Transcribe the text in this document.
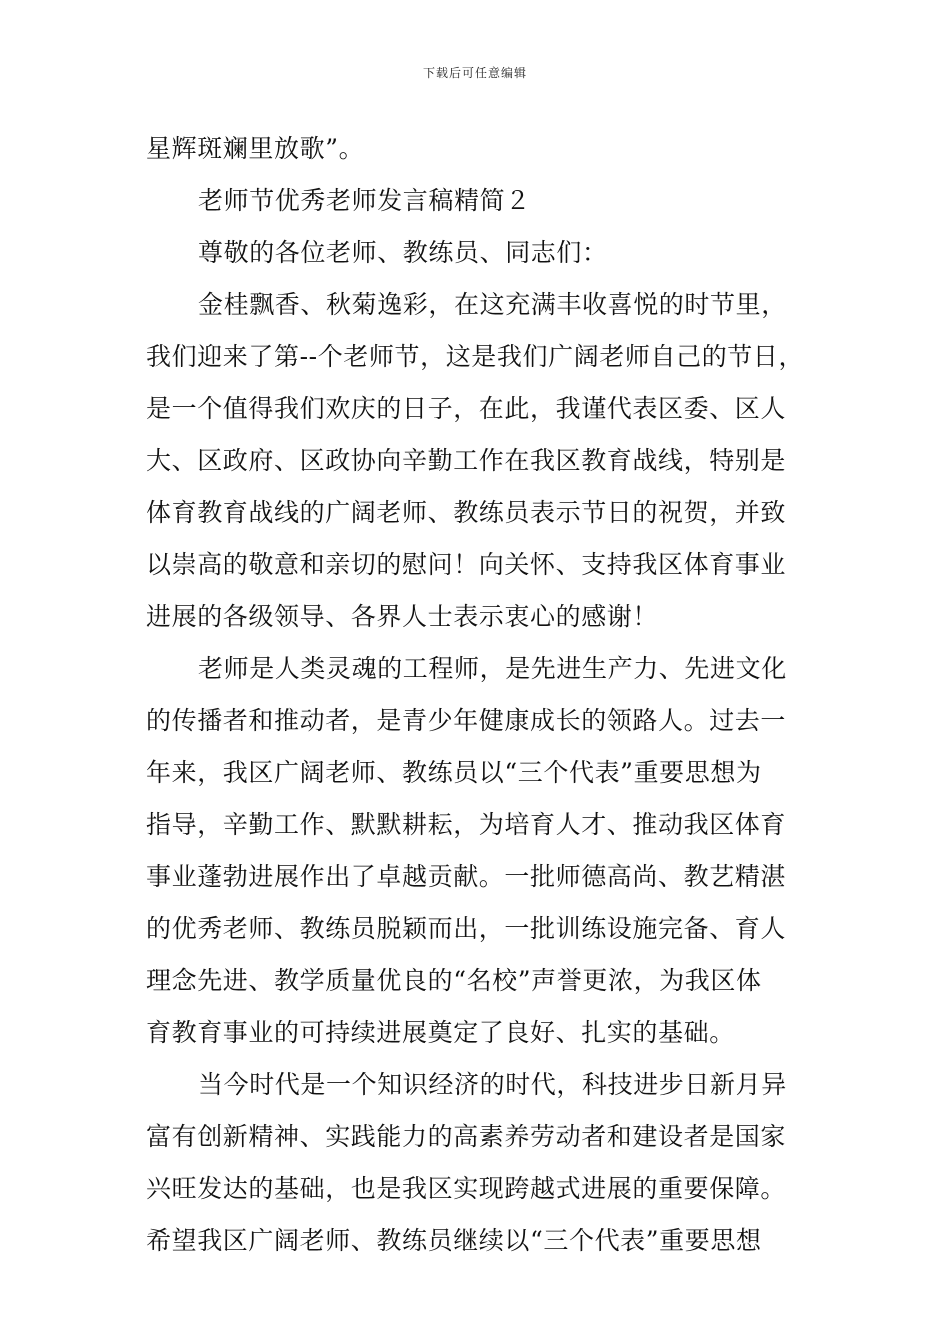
下载后可任意编辑
星辉斑斓里放歌”。
老师节优秀老师发言稿精简２
尊敬的各位老师、教练员、同志们：
金桂飘香、秋菊逸彩，在这充满丰收喜悦的时节里，
我们迎来了第--个老师节，这是我们广阔老师自己的节日，
是一个值得我们欢庆的日子，在此，我谨代表区委、区人
大、区政府、区政协向辛勤工作在我区教育战线，特别是
体育教育战线的广阔老师、教练员表示节日的祝贺，并致
以崇高的敬意和亲切的慰问！向关怀、支持我区体育事业
进展的各级领导、各界人士表示衷心的感谢！
老师是人类灵魂的工程师，是先进生产力、先进文化
的传播者和推动者，是青少年健康成长的领路人。过去一
年来，我区广阔老师、教练员以“三个代表”重要思想为
指导，辛勤工作、默默耕耘，为培育人才、推动我区体育
事业蓬勃进展作出了卓越贡献。一批师德高尚、教艺精湛
的优秀老师、教练员脱颖而出，一批训练设施完备、育人
理念先进、教学质量优良的“名校”声誉更浓，为我区体
育教育事业的可持续进展奠定了良好、扎实的基础。
当今时代是一个知识经济的时代，科技进步日新月异
富有创新精神、实践能力的高素养劳动者和建设者是国家
兴旺发达的基础，也是我区实现跨越式进展的重要保障。
希望我区广阔老师、教练员继续以“三个代表”重要思想
